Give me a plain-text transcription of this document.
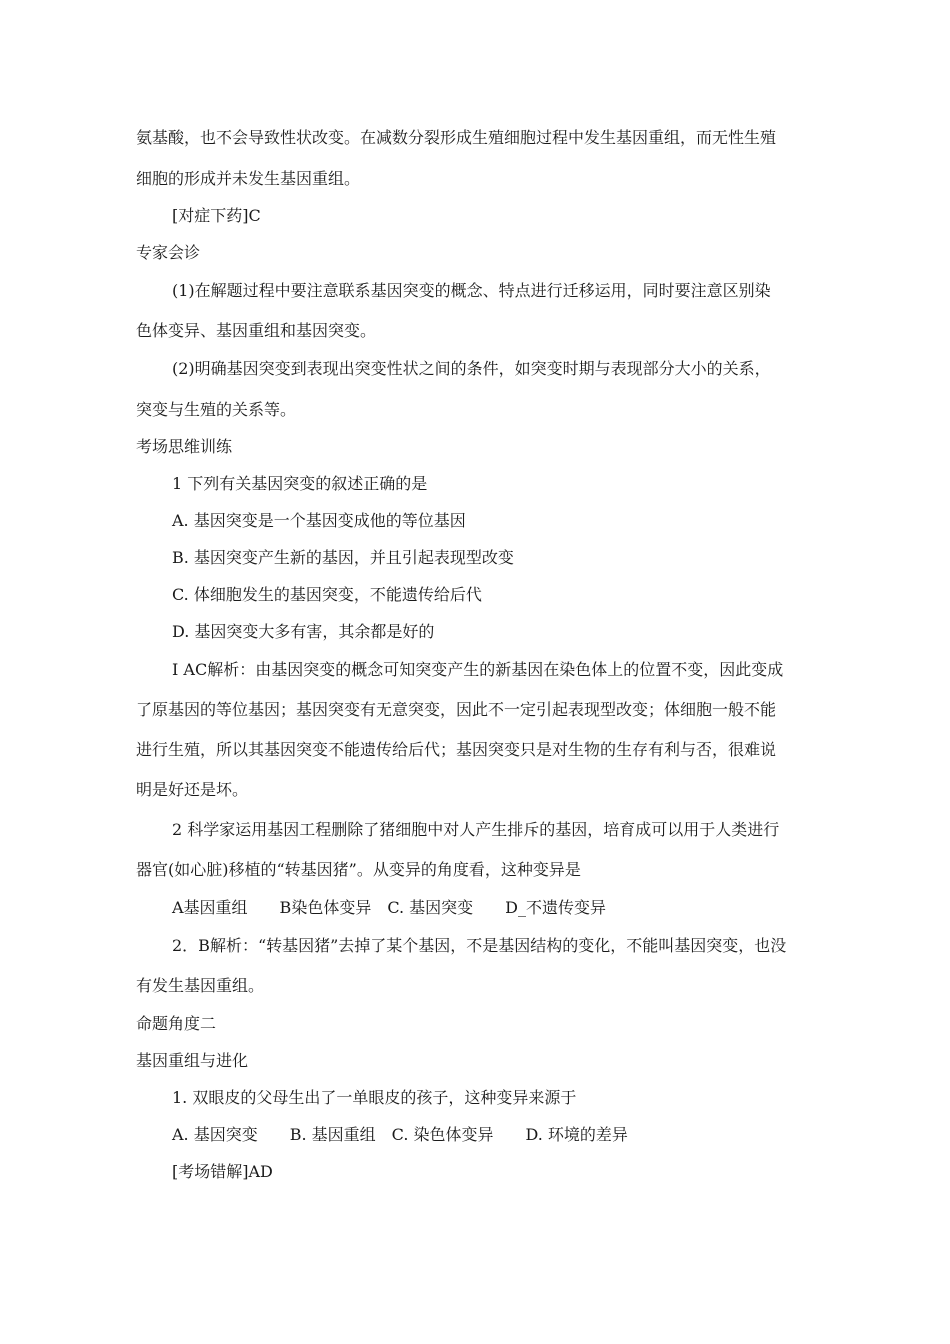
氨基酸，也不会导致性状改变。在减数分裂形成生殖细胞过程中发生基因重组，而无性生殖
细胞的形成并未发生基因重组。
[对症下药]C
专家会诊
(1)在解题过程中要注意联系基因突变的概念、特点进行迁移运用，同时要注意区别染
色体变异、基因重组和基因突变。
(2)明确基因突变到表现出突变性状之间的条件，如突变时期与表现部分大小的关系，
突变与生殖的关系等。
考场思维训练
1 下列有关基因突变的叙述正确的是
A. 基因突变是一个基因变成他的等位基因
B. 基因突变产生新的基因，并且引起表现型改变
C. 体细胞发生的基因突变，不能遗传给后代
D. 基因突变大多有害，其余都是好的
I AC解析：由基因突变的概念可知突变产生的新基因在染色体上的位置不变，因此变成
了原基因的等位基因；基因突变有无意突变，因此不一定引起表现型改变；体细胞一般不能
进行生殖，所以其基因突变不能遗传给后代；基因突变只是对生物的生存有利与否，很难说
明是好还是坏。
2 科学家运用基因工程删除了猪细胞中对人产生排斥的基因，培育成可以用于人类进行
器官(如心脏)移植的“转基因猪”。从变异的角度看，这种变异是
A基因重组　　B染色体变异　C. 基因突变　　D_不遗传变异
2．B解析：“转基因猪”去掉了某个基因，不是基因结构的变化，不能叫基因突变，也没
有发生基因重组。
命题角度二
基因重组与进化
1. 双眼皮的父母生出了一单眼皮的孩子，这种变异来源于
A. 基因突变　　B. 基因重组　C. 染色体变异　　D. 环境的差异
[考场错解]AD
